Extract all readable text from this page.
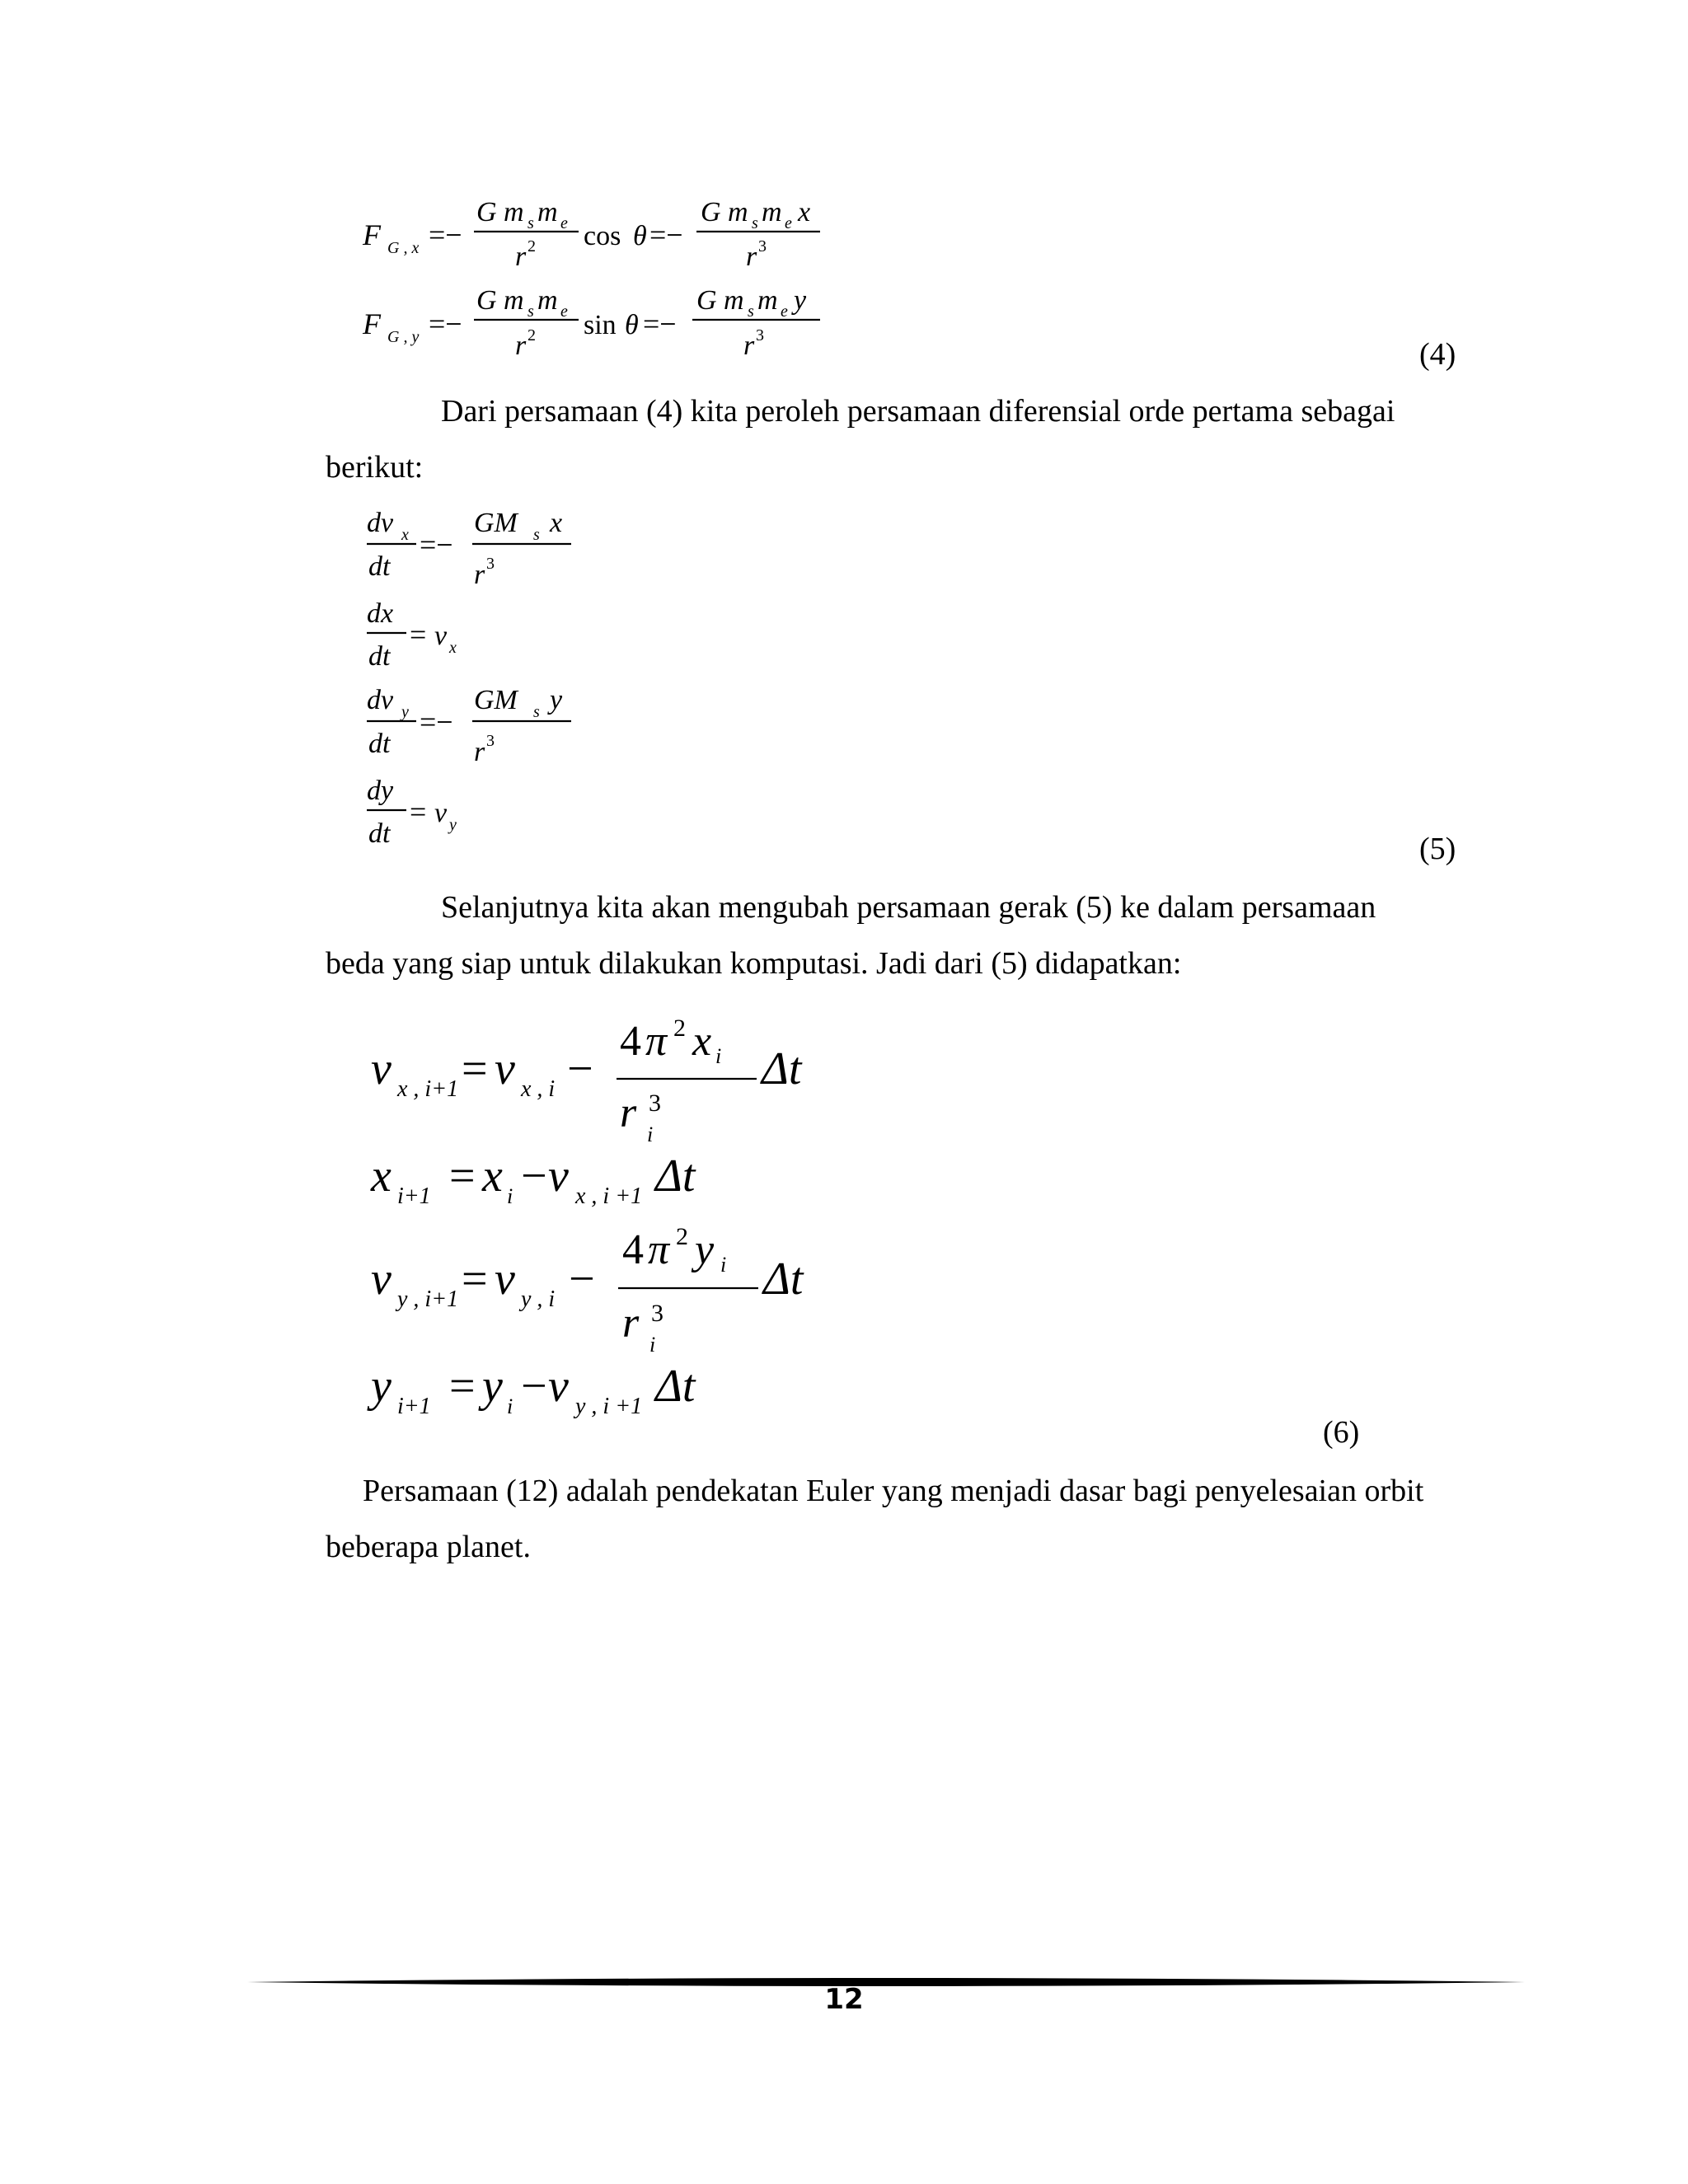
F G , x =−
G m s m e
r 2 cos θ =−
G m s m e x
r 3
F G , y =−
G m s m e
r 2 sin θ =−
G m s m e y
r 3
(4)

Dari persamaan (4) kita peroleh persamaan diferensial orde pertama sebagai
berikut:

dv x
dt
=−
GM s x
r 3
dx
dt
= v x
dv y
dt
=−
GM s y
r 3
dy
dt
= v y
(5)

Selanjutnya kita akan mengubah persamaan gerak (5) ke dalam persamaan
beda yang siap untuk dilakukan komputasi. Jadi dari (5) didapatkan:

v x , i+1 = v x , i −
4 π 2 x i
r 3
i
Δt
x i+1 = x i − v x , i +1 Δt
v y , i+1 = v y , i −
4 π 2 y i
r 3
i
Δt
y i+1 = y i − v y , i +1 Δt
(6)

Persamaan (12) adalah pendekatan Euler yang menjadi dasar bagi penyelesaian orbit
beberapa planet.

12
